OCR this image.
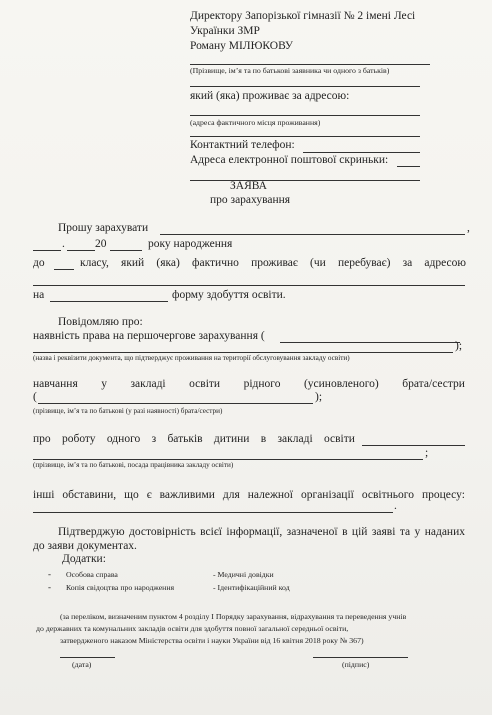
Директору Запорізької гімназії № 2 імені Лесі
Українки ЗМР
Роману МІЛЮКОВУ
(Прізвище, ім’я та по батькові заявника чи одного з батьків)
який (яка) проживає за адресою:
(адреса фактичного місця проживання)
Контактний телефон:
Адреса електронної поштової скриньки:
ЗАЯВА
про зарахування
Прошу зарахувати	,
.	20	року народження
до	класу, який (яка) фактично проживає (чи перебуває) за адресою
на	форму здобуття освіти.
Повідомляю про:
наявність права на першочергове зарахування (
);
(назва і реквізити документа, що підтверджує проживання на території обслуговування закладу освіти)
навчання у закладі освіти рідного (усиновленого) брата/сестри
(	);
(прізвище, ім’я та по батькові (у разі наявності) брата/сестри)
про роботу одного з батьків дитини в закладі освіти
;
(прізвище, ім’я та по батькові, посада працівника закладу освіти)
інші обставини, що є важливими для належної організації освітнього процесу:
.
Підтверджую достовірність всієї інформації, зазначеної в цій заяві та у наданих
до заяви документах.
Додатки:
- Особова справа	- Медичні довідки
- Копія свідоцтва про народження	- Ідентифікаційний код
(за переліком, визначеним пунктом 4 розділу I Порядку зарахування, відрахування та переведення учнів
до державних та комунальних закладів освіти для здобуття повної загальної середньої освіти,
затвердженого наказом Міністерства освіти і науки України від 16 квітня 2018 року № 367)
(дата)	(підпис)
